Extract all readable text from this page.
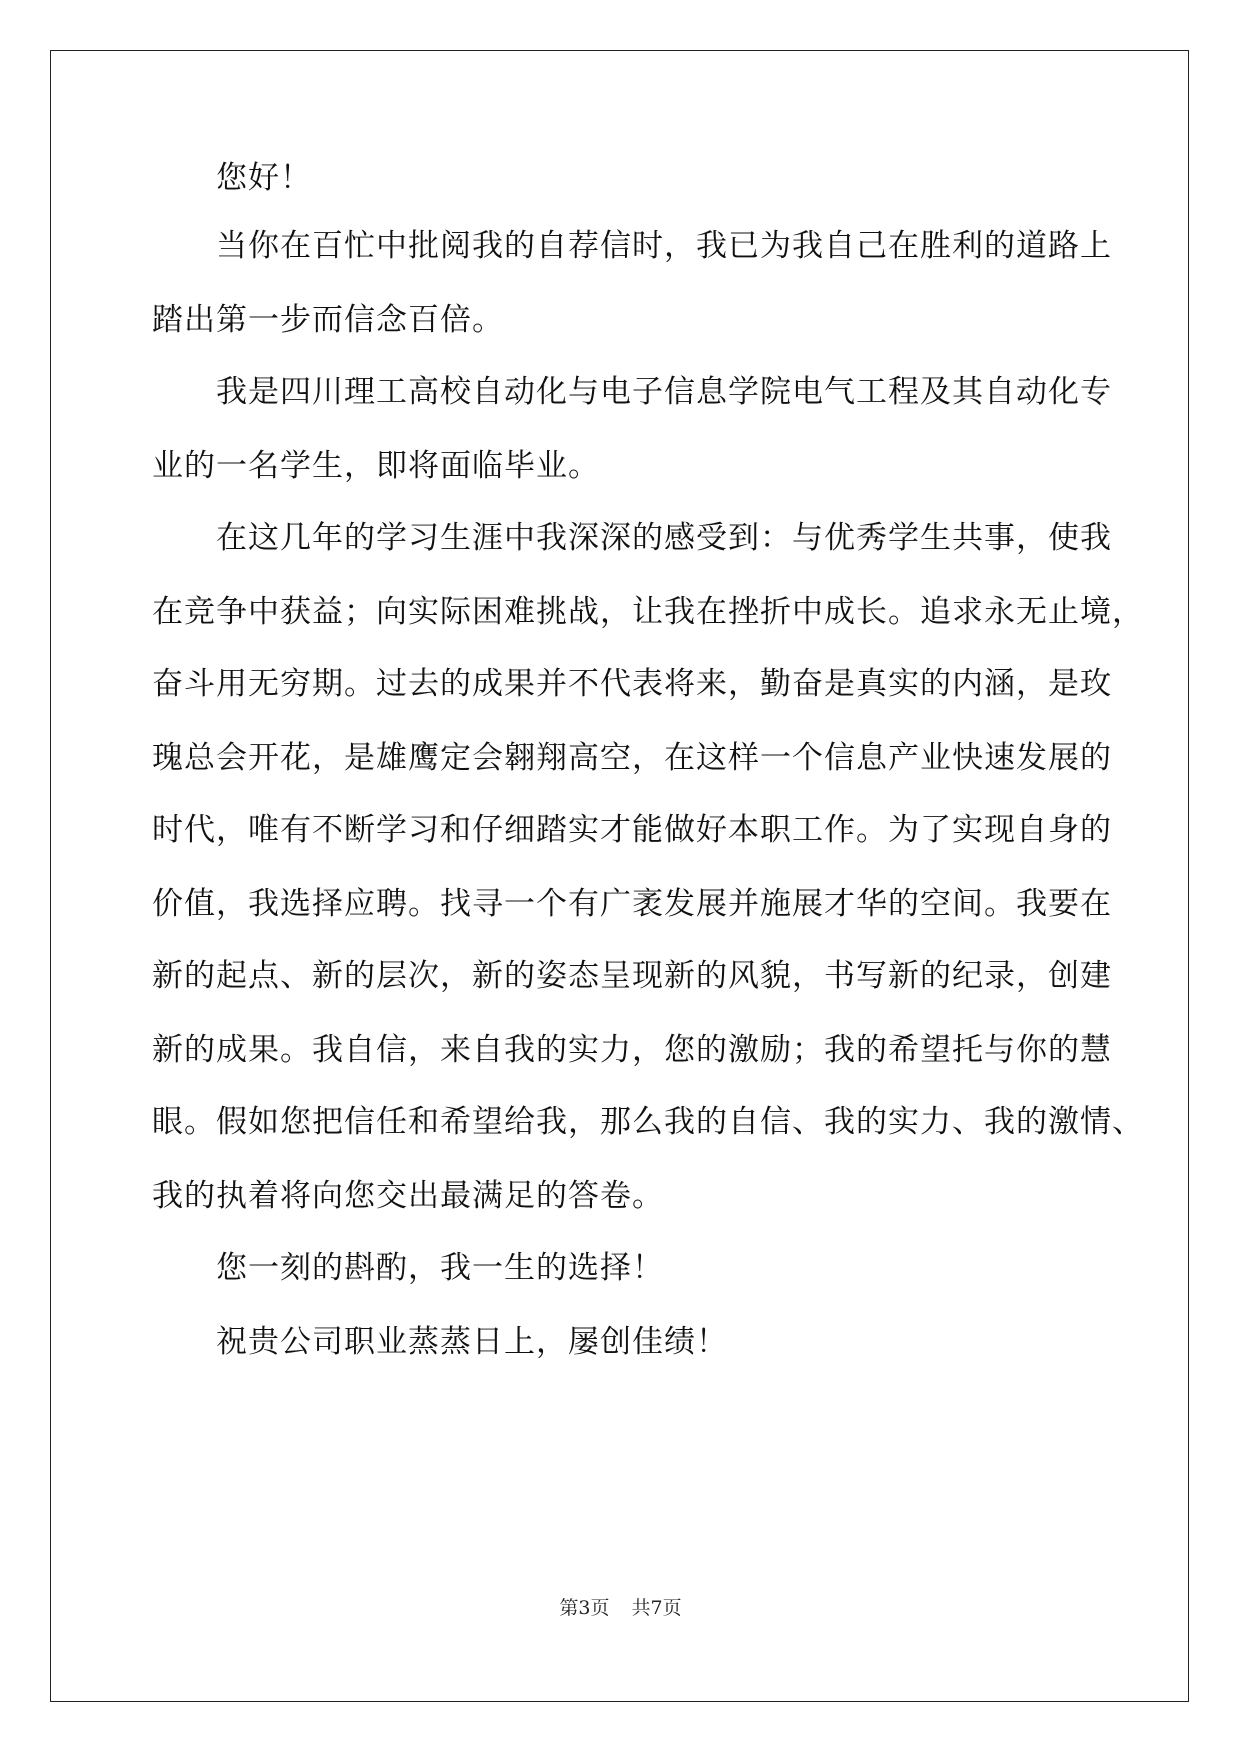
您好！
当你在百忙中批阅我的自荐信时，我已为我自己在胜利的道路上
踏出第一步而信念百倍。
我是四川理工高校自动化与电子信息学院电气工程及其自动化专
业的一名学生，即将面临毕业。
在这几年的学习生涯中我深深的感受到：与优秀学生共事，使我
在竞争中获益；向实际困难挑战，让我在挫折中成长。追求永无止境，
奋斗用无穷期。过去的成果并不代表将来，勤奋是真实的内涵，是玫
瑰总会开花，是雄鹰定会翱翔高空，在这样一个信息产业快速发展的
时代，唯有不断学习和仔细踏实才能做好本职工作。为了实现自身的
价值，我选择应聘。找寻一个有广袤发展并施展才华的空间。我要在
新的起点、新的层次，新的姿态呈现新的风貌，书写新的纪录，创建
新的成果。我自信，来自我的实力，您的激励；我的希望托与你的慧
眼。假如您把信任和希望给我，那么我的自信、我的实力、我的激情、
我的执着将向您交出最满足的答卷。
您一刻的斟酌，我一生的选择！
祝贵公司职业蒸蒸日上，屡创佳绩！
第3页 共7页
